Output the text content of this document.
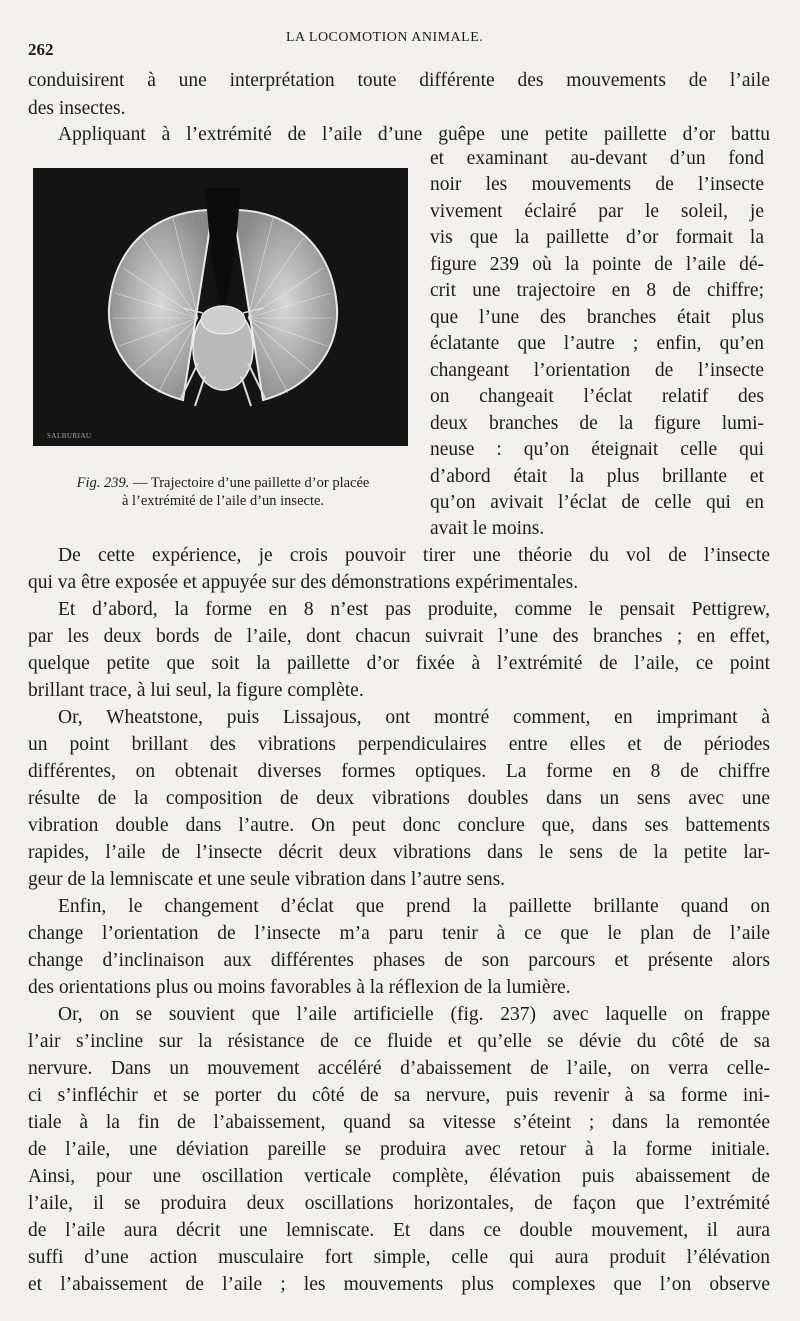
262
LA LOCOMOTION ANIMALE.
conduisirent à une interprétation toute différente des mouvements de l’aile
des insectes.
Appliquant à l’extrémité de l’aile d’une guêpe une petite paillette d’or battu
SALBURIAU
et examinant au-devant d’un fond
noir les mouvements de l’insecte
vivement éclairé par le soleil, je
vis que la paillette d’or formait la
figure 239 où la pointe de l’aile dé-
crit une trajectoire en 8 de chiffre;
que l’une des branches était plus
éclatante que l’autre ; enfin, qu’en
changeant l’orientation de l’insecte
on changeait l’éclat relatif des
deux branches de la figure lumi-
neuse : qu’on éteignait celle qui
d’abord était la plus brillante et
qu’on avivait l’éclat de celle qui en
avait le moins.
Fig. 239. — Trajectoire d’une paillette d’or placée
à l’extrémité de l’aile d’un insecte.
De cette expérience, je crois pouvoir tirer une théorie du vol de l’insecte
qui va être exposée et appuyée sur des démonstrations expérimentales.
Et d’abord, la forme en 8 n’est pas produite, comme le pensait Pettigrew,
par les deux bords de l’aile, dont chacun suivrait l’une des branches ; en effet,
quelque petite que soit la paillette d’or fixée à l’extrémité de l’aile, ce point
brillant trace, à lui seul, la figure complète.
Or, Wheatstone, puis Lissajous, ont montré comment, en imprimant à
un point brillant des vibrations perpendiculaires entre elles et de périodes
différentes, on obtenait diverses formes optiques. La forme en 8 de chiffre
résulte de la composition de deux vibrations doubles dans un sens avec une
vibration double dans l’autre. On peut donc conclure que, dans ses battements
rapides, l’aile de l’insecte décrit deux vibrations dans le sens de la petite lar-
geur de la lemniscate et une seule vibration dans l’autre sens.
Enfin, le changement d’éclat que prend la paillette brillante quand on
change l’orientation de l’insecte m’a paru tenir à ce que le plan de l’aile
change d’inclinaison aux différentes phases de son parcours et présente alors
des orientations plus ou moins favorables à la réflexion de la lumière.
Or, on se souvient que l’aile artificielle (fig. 237) avec laquelle on frappe
l’air s’incline sur la résistance de ce fluide et qu’elle se dévie du côté de sa
nervure. Dans un mouvement accéléré d’abaissement de l’aile, on verra celle-
ci s’infléchir et se porter du côté de sa nervure, puis revenir à sa forme ini-
tiale à la fin de l’abaissement, quand sa vitesse s’éteint ; dans la remontée
de l’aile, une déviation pareille se produira avec retour à la forme initiale.
Ainsi, pour une oscillation verticale complète, élévation puis abaissement de
l’aile, il se produira deux oscillations horizontales, de façon que l’extrémité
de l’aile aura décrit une lemniscate. Et dans ce double mouvement, il aura
suffi d’une action musculaire fort simple, celle qui aura produit l’élévation
et l’abaissement de l’aile ; les mouvements plus complexes que l’on observe
